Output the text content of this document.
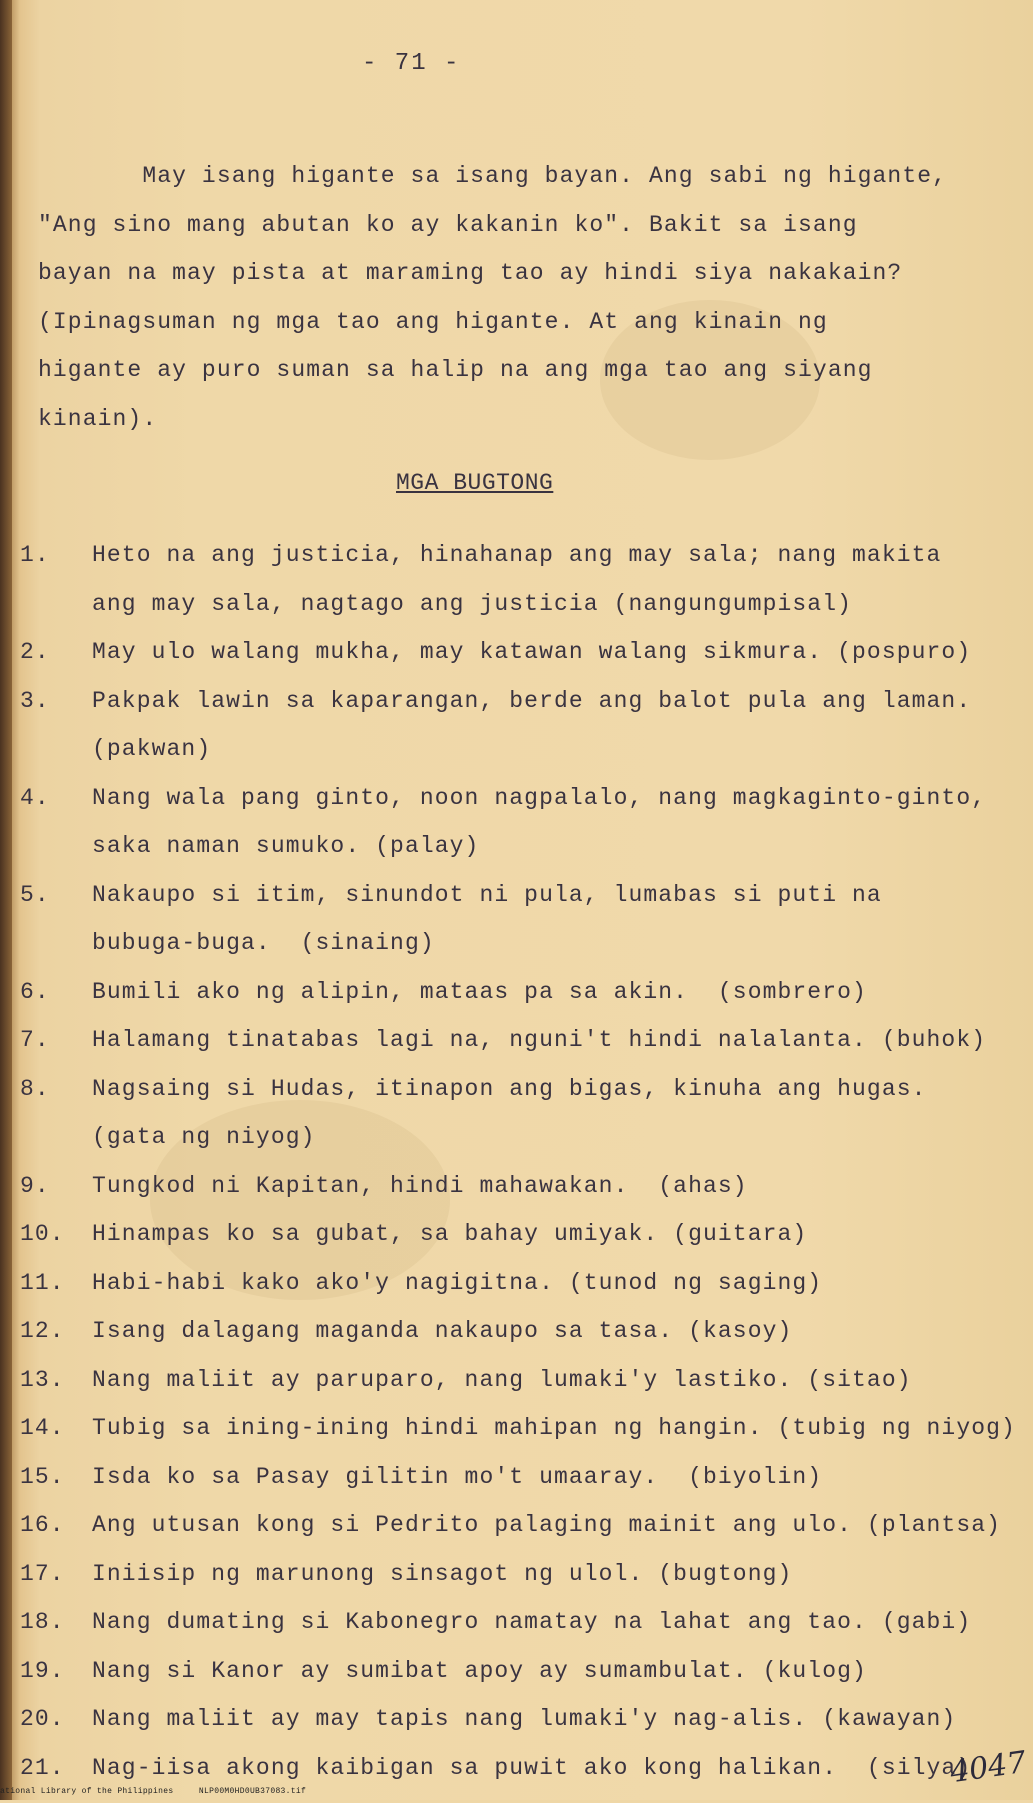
- 71 -
May isang higante sa isang bayan. Ang sabi ng higante,
"Ang sino mang abutan ko ay kakanin ko". Bakit sa isang
bayan na may pista at maraming tao ay hindi siya nakakain?
(Ipinagsuman ng mga tao ang higante. At ang kinain ng
higante ay puro suman sa halip na ang mga tao ang siyang
kinain).
MGA BUGTONG
1.	Heto na ang justicia, hinahanap ang may sala; nang makita
ang may sala, nagtago ang justicia (nangungumpisal)
2.	May ulo walang mukha, may katawan walang sikmura. (pospuro)
3.	Pakpak lawin sa kaparangan, berde ang balot pula ang laman.
(pakwan)
4.	Nang wala pang ginto, noon nagpalalo, nang magkaginto-ginto,
saka naman sumuko. (palay)
5.	Nakaupo si itim, sinundot ni pula, lumabas si puti na
bubuga-buga.  (sinaing)
6.	Bumili ako ng alipin, mataas pa sa akin.  (sombrero)
7.	Halamang tinatabas lagi na, nguni't hindi nalalanta. (buhok)
8.	Nagsaing si Hudas, itinapon ang bigas, kinuha ang hugas.
(gata ng niyog)
9.	Tungkod ni Kapitan, hindi mahawakan.  (ahas)
10.	Hinampas ko sa gubat, sa bahay umiyak. (guitara)
11.	Habi-habi kako ako'y nagigitna. (tunod ng saging)
12.	Isang dalagang maganda nakaupo sa tasa. (kasoy)
13.	Nang maliit ay paruparo, nang lumaki'y lastiko. (sitao)
14.	Tubig sa ining-ining hindi mahipan ng hangin. (tubig ng niyog)
15.	Isda ko sa Pasay gilitin mo't umaaray.  (biyolin)
16.	Ang utusan kong si Pedrito palaging mainit ang ulo. (plantsa)
17.	Iniisip ng marunong sinsagot ng ulol. (bugtong)
18.	Nang dumating si Kabonegro namatay na lahat ang tao. (gabi)
19.	Nang si Kanor ay sumibat apoy ay sumambulat. (kulog)
20.	Nang maliit ay may tapis nang lumaki'y nag-alis. (kawayan)
21.	Nag-iisa akong kaibigan sa puwit ako kong halikan.  (silya)
4047
ational Library of the Philippines     NLP00M0HD0UB37083.tif
